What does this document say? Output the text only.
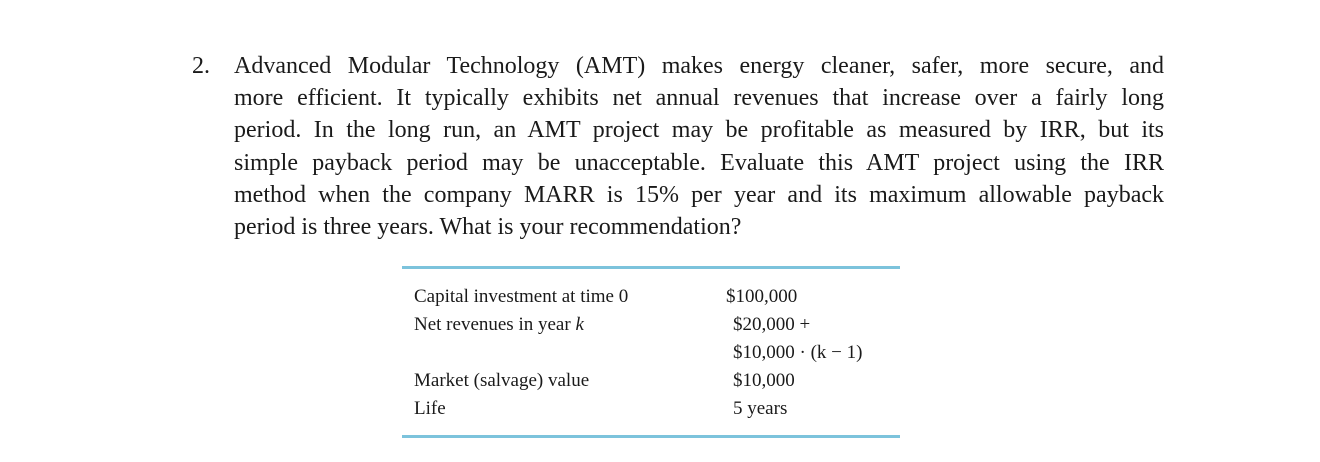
2. Advanced Modular Technology (AMT) makes energy cleaner, safer, more secure, and
more efficient. It typically exhibits net annual revenues that increase over a fairly long
period. In the long run, an AMT project may be profitable as measured by IRR, but its
simple payback period may be unacceptable. Evaluate this AMT project using the IRR
method when the company MARR is 15% per year and its maximum allowable payback
period is three years. What is your recommendation?
Capital investment at time 0	$100,000
Net revenues in year k	$20,000 +
$10,000 · (k − 1)
Market (salvage) value	$10,000
Life	5 years
